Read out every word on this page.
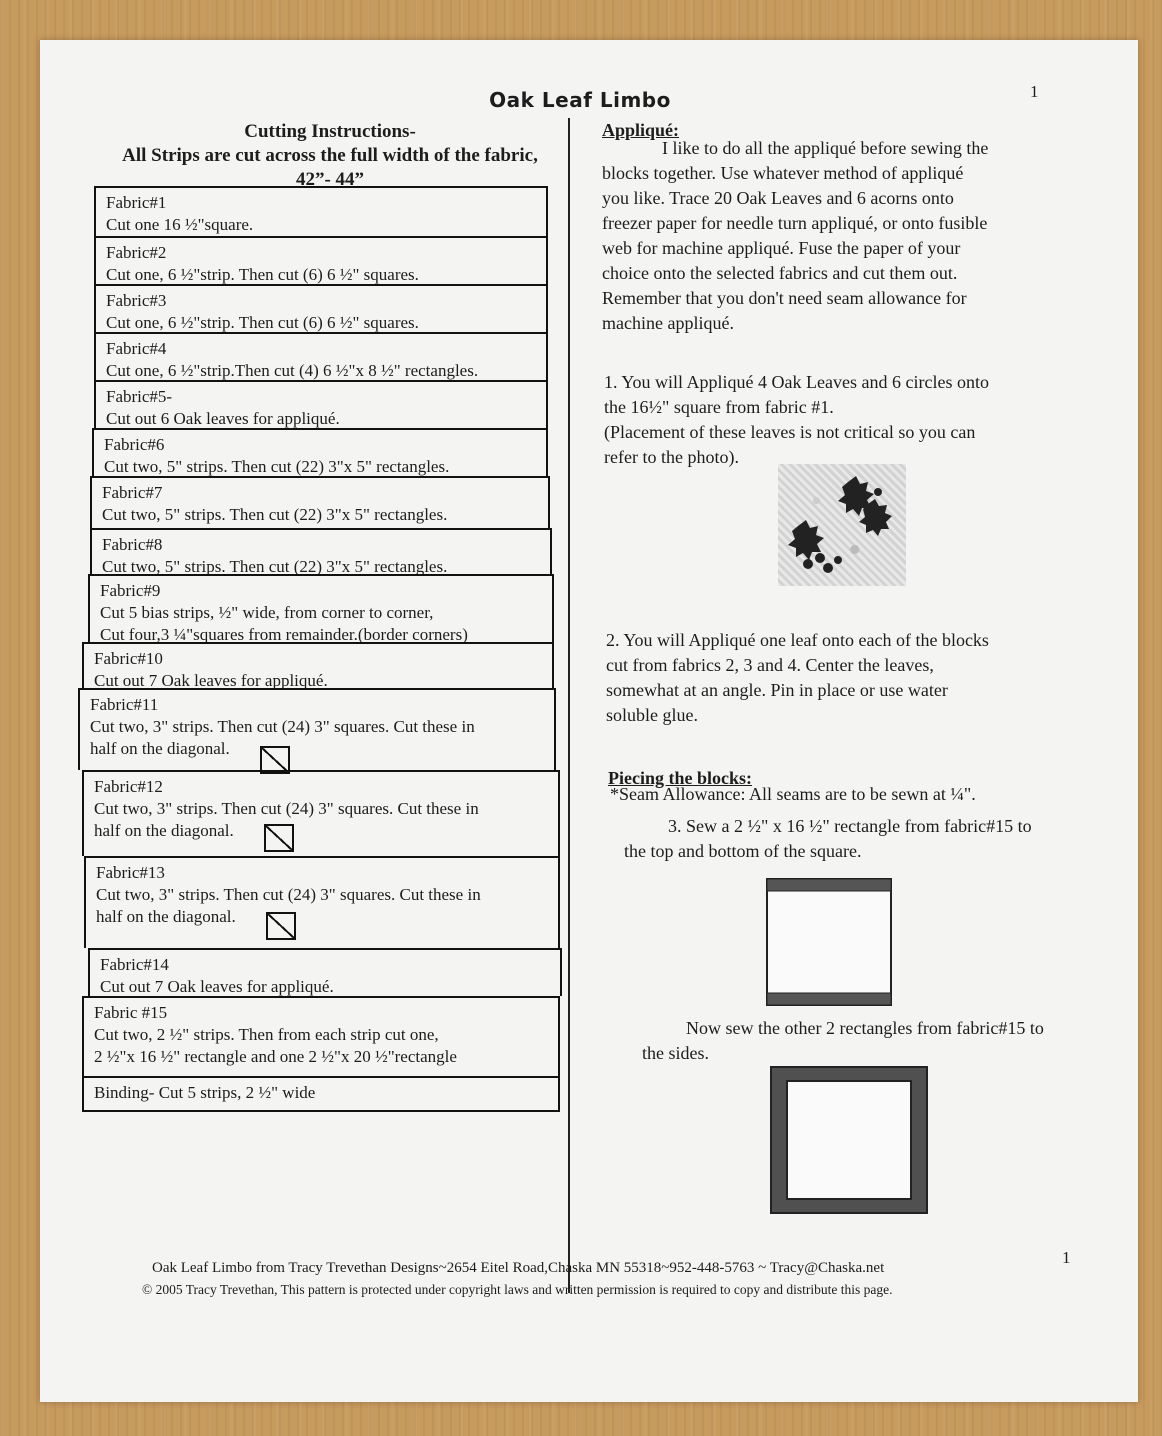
Oak Leaf Limbo	1
Cutting Instructions-
All Strips are cut across the full width of the fabric,
42”- 44”
Fabric#1
Cut one 16 ½"square.
Fabric#2
Cut one, 6 ½"strip. Then cut (6) 6 ½" squares.
Fabric#3
Cut one, 6 ½"strip. Then cut (6) 6 ½" squares.
Fabric#4
Cut one, 6 ½"strip.Then cut (4) 6 ½"x 8 ½" rectangles.
Fabric#5-
Cut out 6 Oak leaves for appliqué.
Fabric#6
Cut two, 5" strips. Then cut (22) 3"x 5" rectangles.
Fabric#7
Cut two, 5" strips. Then cut (22) 3"x 5" rectangles.
Fabric#8
Cut two, 5" strips. Then cut (22) 3"x 5" rectangles.
Fabric#9
Cut 5 bias strips, ½" wide, from corner to corner,
Cut four,3 ¼"squares from remainder.(border corners)
Fabric#10
Cut out 7 Oak leaves for appliqué.
Fabric#11
Cut two, 3" strips. Then cut (24) 3" squares. Cut these in
half on the diagonal.
Fabric#12
Cut two, 3" strips. Then cut (24) 3" squares. Cut these in
half on the diagonal.
Fabric#13
Cut two, 3" strips. Then cut (24) 3" squares. Cut these in
half on the diagonal.
Fabric#14
Cut out 7 Oak leaves for appliqué.
Fabric #15
Cut two, 2 ½" strips. Then from each strip cut one,
2 ½"x 16 ½" rectangle and one 2 ½"x 20 ½"rectangle
Binding- Cut 5 strips, 2 ½" wide
Appliqué:
I like to do all the appliqué before sewing the
blocks together. Use whatever method of appliqué
you like. Trace 20 Oak Leaves and 6 acorns onto
freezer paper for needle turn appliqué, or onto fusible
web for machine appliqué. Fuse the paper of your
choice onto the selected fabrics and cut them out.
Remember that you don't need seam allowance for
machine appliqué.
1. You will Appliqué 4 Oak Leaves and 6 circles onto
the 16½" square from fabric #1.
(Placement of these leaves is not critical so you can
refer to the photo).
2. You will Appliqué one leaf onto each of the blocks
cut from fabrics 2, 3 and 4. Center the leaves,
somewhat at an angle. Pin in place or use water
soluble glue.
Piecing the blocks:
*Seam Allowance: All seams are to be sewn at ¼".
3. Sew a 2 ½" x 16 ½" rectangle from fabric#15 to
the top and bottom of the square.
Now sew the other 2 rectangles from fabric#15 to
the sides.
Oak Leaf Limbo from Tracy Trevethan Designs~2654 Eitel Road,Chaska MN 55318~952-448-5763 ~ Tracy@Chaska.net
© 2005 Tracy Trevethan, This pattern is protected under copyright laws and written permission is required to copy and distribute this page.
1
